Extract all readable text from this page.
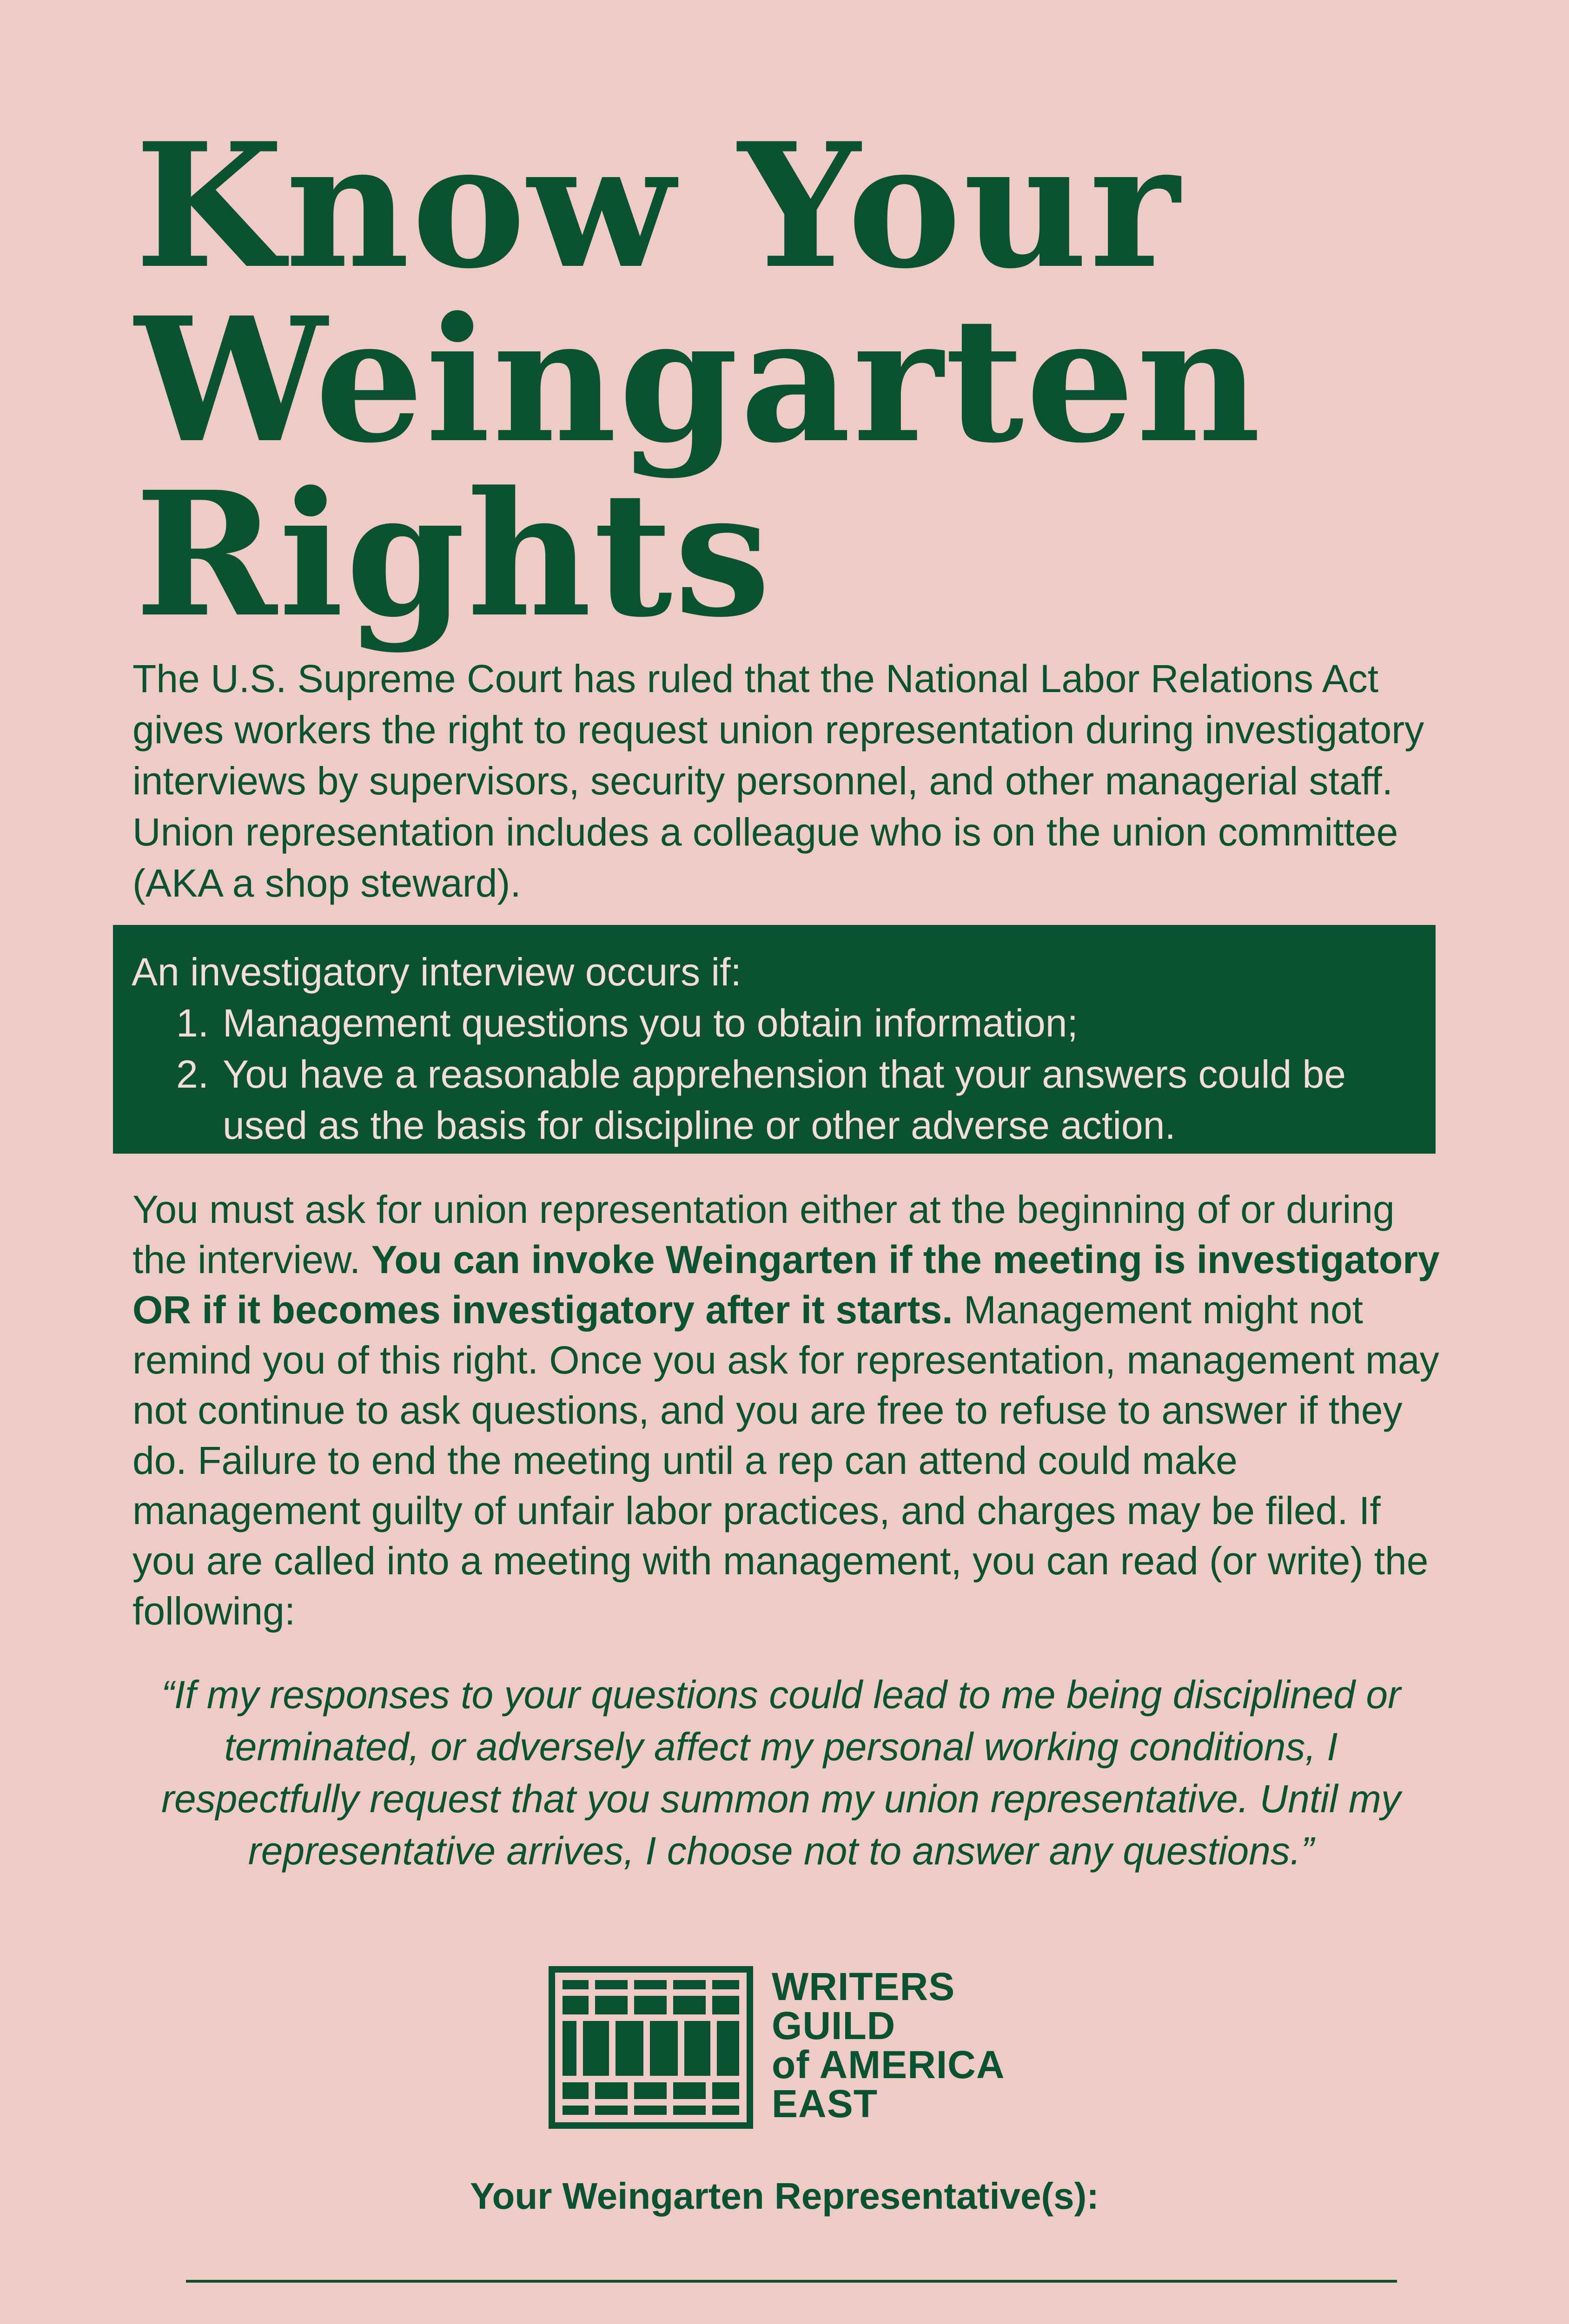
Know Your
Weingarten
Rights

The U.S. Supreme Court has ruled that the National Labor Relations Act gives workers the right to request union representation during investigatory interviews by supervisors, security personnel, and other managerial staff. Union representation includes a colleague who is on the union committee (AKA a shop steward).

An investigatory interview occurs if:

1. Management questions you to obtain information;
2. You have a reasonable apprehension that your answers could be used as the basis for discipline or other adverse action.

You must ask for union representation either at the beginning of or during the interview. You can invoke Weingarten if the meeting is investigatory OR if it becomes investigatory after it starts. Management might not remind you of this right. Once you ask for representation, management may not continue to ask questions, and you are free to refuse to answer if they do. Failure to end the meeting until a rep can attend could make management guilty of unfair labor practices, and charges may be filed. If you are called into a meeting with management, you can read (or write) the following:

“If my responses to your questions could lead to me being disciplined or terminated, or adversely affect my personal working conditions, I respectfully request that you summon my union representative. Until my representative arrives, I choose not to answer any questions.”

WRITERS
GUILD
of AMERICA
EAST
Your Weingarten Representative(s):
